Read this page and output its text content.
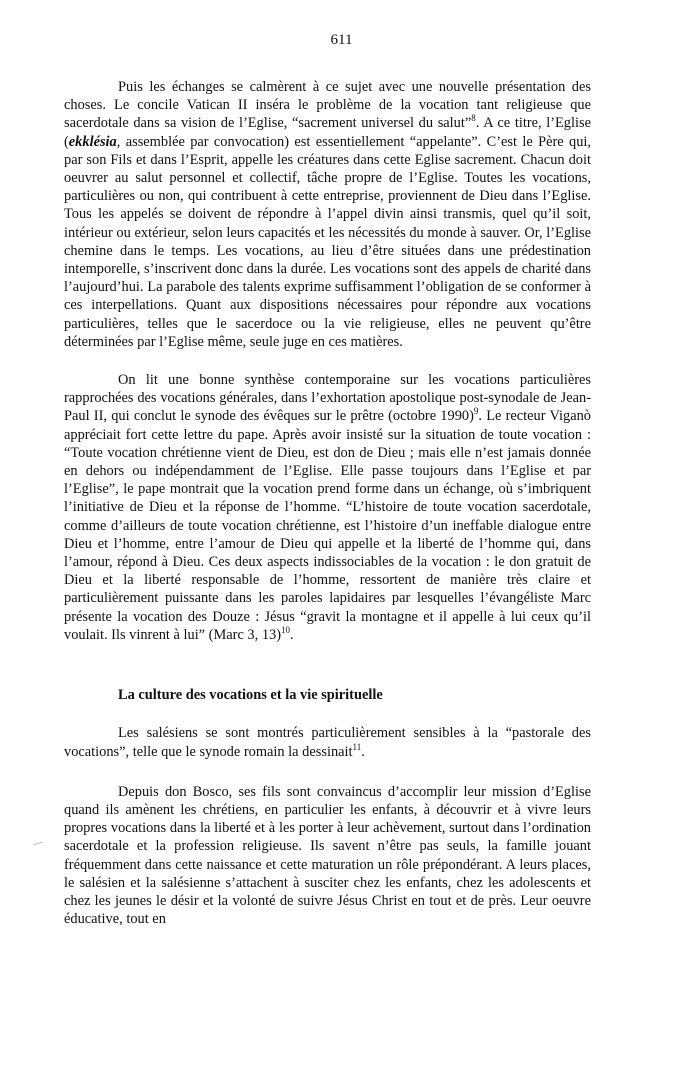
611

Puis les échanges se calmèrent à ce sujet avec une nouvelle présentation des choses. Le concile Vatican II inséra le problème de la vocation tant religieuse que sacerdotale dans sa vision de l’Eglise, “sacrement universel du salut”$^8$. A ce titre, l’Eglise (ekklésia, assemblée par convocation) est essentiellement “appelante”. C’est le Père qui, par son Fils et dans l’Esprit, appelle les créatures dans cette Eglise sacrement. Chacun doit oeuvrer au salut personnel et collectif, tâche propre de l’Eglise. Toutes les vocations, particulières ou non, qui contribuent à cette entreprise, proviennent de Dieu dans l’Eglise. Tous les appelés se doivent de répondre à l’appel divin ainsi transmis, quel qu’il soit, intérieur ou extérieur, selon leurs capacités et les nécessités du monde à sauver. Or, l’Eglise chemine dans le temps. Les vocations, au lieu d’être situées dans une prédestination intemporelle, s’inscrivent donc dans la durée. Les vocations sont des appels de charité dans l’aujourd’hui. La parabole des talents exprime suffisamment l’obligation de se conformer à ces interpellations. Quant aux dispositions nécessaires pour répondre aux vocations particulières, telles que le sacerdoce ou la vie religieuse, elles ne peuvent qu’être déterminées par l’Eglise même, seule juge en ces matières.

On lit une bonne synthèse contemporaine sur les vocations particulières rapprochées des vocations générales, dans l’exhortation apostolique post-synodale de Jean-Paul II, qui conclut le synode des évêques sur le prêtre (octobre 1990)$^9$. Le recteur Viganò appréciait fort cette lettre du pape. Après avoir insisté sur la situation de toute vocation : “Toute vocation chrétienne vient de Dieu, est don de Dieu ; mais elle n’est jamais donnée en dehors ou indépendamment de l’Eglise. Elle passe toujours dans l’Eglise et par l’Eglise”, le pape montrait que la vocation prend forme dans un échange, où s’imbriquent l’initiative de Dieu et la réponse de l’homme. “L’histoire de toute vocation sacerdotale, comme d’ailleurs de toute vocation chrétienne, est l’histoire d’un ineffable dialogue entre Dieu et l’homme, entre l’amour de Dieu qui appelle et la liberté de l’homme qui, dans l’amour, répond à Dieu. Ces deux aspects indissociables de la vocation : le don gratuit de Dieu et la liberté responsable de l’homme, ressortent de manière très claire et particulièrement puissante dans les paroles lapidaires par lesquelles l’évangéliste Marc présente la vocation des Douze : Jésus “gravit la montagne et il appelle à lui ceux qu’il voulait. Ils vinrent à lui” (Marc 3, 13)$^{10}$.

La culture des vocations et la vie spirituelle

Les salésiens se sont montrés particulièrement sensibles à la “pastorale des vocations”, telle que le synode romain la dessinait$^{11}$.

Depuis don Bosco, ses fils sont convaincus d’accomplir leur mission d’Eglise quand ils amènent les chrétiens, en particulier les enfants, à découvrir et à vivre leurs propres vocations dans la liberté et à les porter à leur achèvement, surtout dans l’ordination sacerdotale et la profession religieuse. Ils savent n’être pas seuls, la famille jouant fréquemment dans cette naissance et cette maturation un rôle prépondérant. A leurs places, le salésien et la salésienne s’attachent à susciter chez les enfants, chez les adolescents et chez les jeunes le désir et la volonté de suivre Jésus Christ en tout et de près. Leur oeuvre éducative, tout en
